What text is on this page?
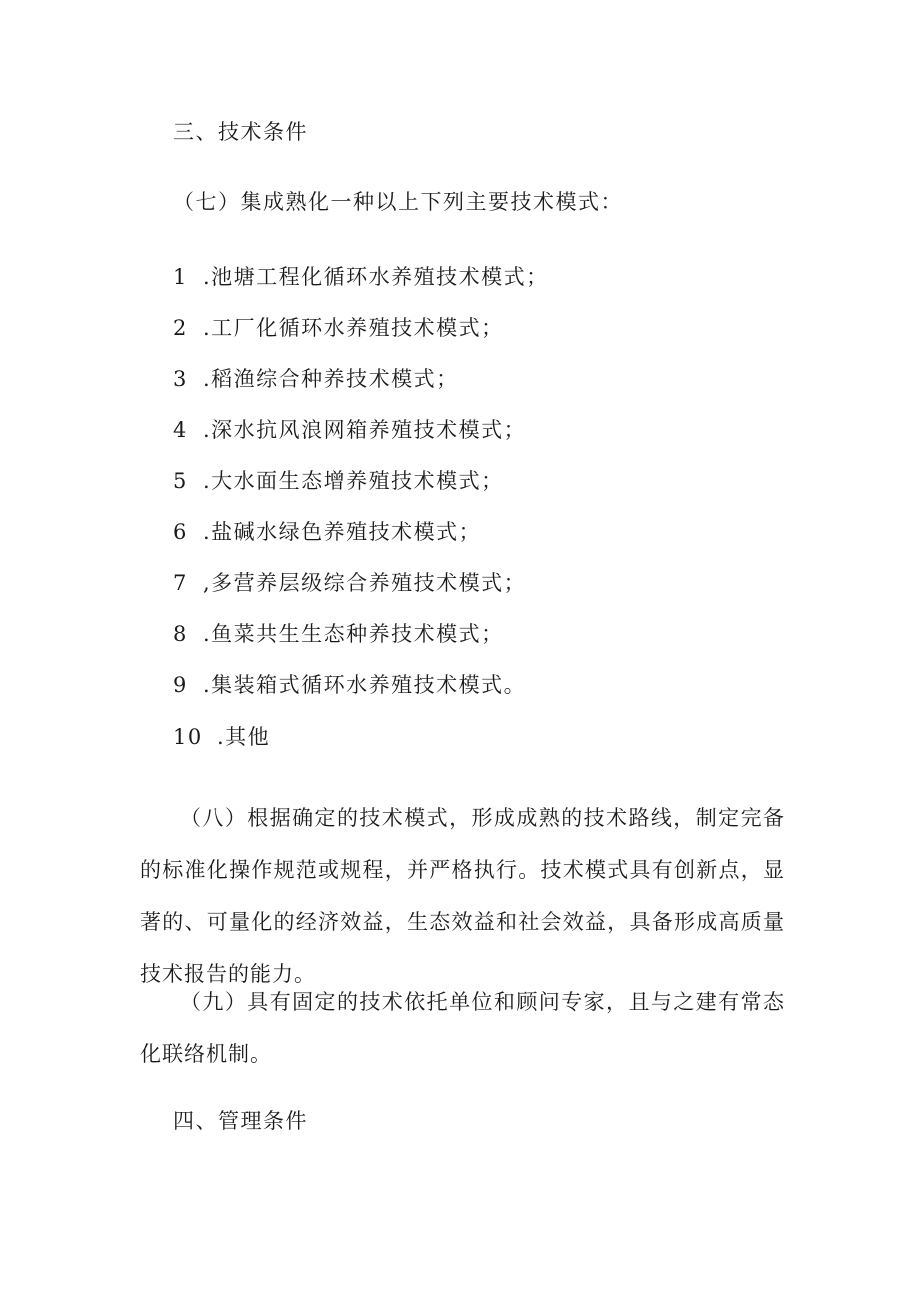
三、技术条件
（七）集成熟化一种以上下列主要技术模式：
1 .池塘工程化循环水养殖技术模式；
2 .工厂化循环水养殖技术模式；
3 .稻渔综合种养技术模式；
4 .深水抗风浪网箱养殖技术模式；
5 .大水面生态增养殖技术模式；
6 .盐碱水绿色养殖技术模式；
7 ,多营养层级综合养殖技术模式；
8 .鱼菜共生生态种养技术模式；
9 .集装箱式循环水养殖技术模式。
10 .其他
（八）根据确定的技术模式，形成成熟的技术路线，制定完备的标准化操作规范或规程，并严格执行。技术模式具有创新点，显著的、可量化的经济效益，生态效益和社会效益，具备形成高质量技术报告的能力。
（九）具有固定的技术依托单位和顾问专家，且与之建有常态化联络机制。
四、管理条件
